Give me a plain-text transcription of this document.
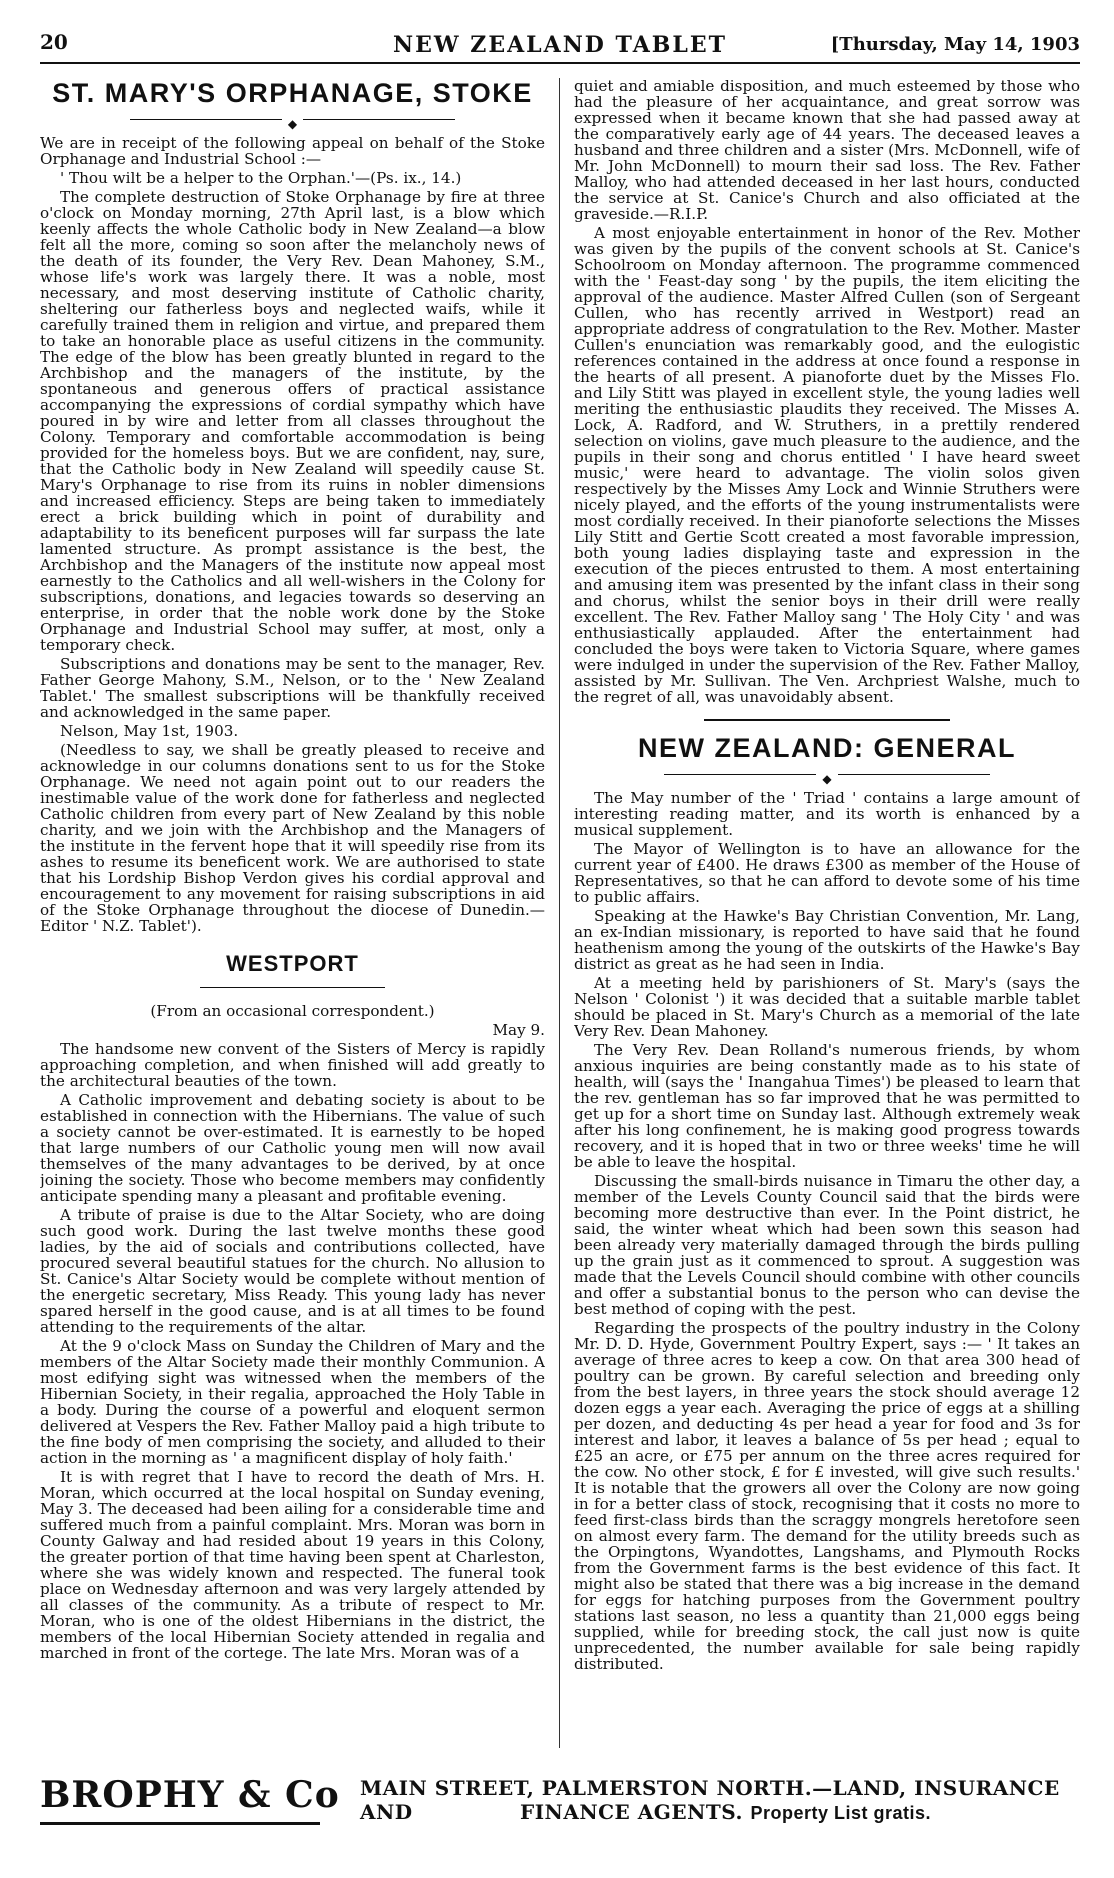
20	NEW ZEALAND TABLET	[Thursday, May 14, 1903
ST. MARY'S ORPHANAGE, STOKE
◆

We are in receipt of the following appeal on behalf of the Stoke Orphanage and Industrial School :—

' Thou wilt be a helper to the Orphan.'—(Ps. ix., 14.)

The complete destruction of Stoke Orphanage by fire at three o'clock on Monday morning, 27th April last, is a blow which keenly affects the whole Catholic body in New Zealand—a blow felt all the more, coming so soon after the melancholy news of the death of its founder, the Very Rev. Dean Mahoney, S.M., whose life's work was largely there. It was a noble, most necessary, and most deserving institute of Catholic charity, sheltering our fatherless boys and neglected waifs, while it carefully trained them in religion and virtue, and prepared them to take an honorable place as useful citizens in the community. The edge of the blow has been greatly blunted in regard to the Archbishop and the managers of the institute, by the spontaneous and generous offers of practical assistance accompanying the expressions of cordial sympathy which have poured in by wire and letter from all classes throughout the Colony. Temporary and comfortable accommodation is being provided for the homeless boys. But we are confident, nay, sure, that the Catholic body in New Zealand will speedily cause St. Mary's Orphanage to rise from its ruins in nobler dimensions and increased efficiency. Steps are being taken to immediately erect a brick building which in point of durability and adaptability to its beneficent purposes will far surpass the late lamented structure. As prompt assistance is the best, the Archbishop and the Managers of the institute now appeal most earnestly to the Catholics and all well-wishers in the Colony for subscriptions, donations, and legacies towards so deserving an enterprise, in order that the noble work done by the Stoke Orphanage and Industrial School may suffer, at most, only a temporary check.

Subscriptions and donations may be sent to the manager, Rev. Father George Mahony, S.M., Nelson, or to the ' New Zealand Tablet.' The smallest subscriptions will be thankfully received and acknowledged in the same paper.

Nelson, May 1st, 1903.

(Needless to say, we shall be greatly pleased to receive and acknowledge in our columns donations sent to us for the Stoke Orphanage. We need not again point out to our readers the inestimable value of the work done for fatherless and neglected Catholic children from every part of New Zealand by this noble charity, and we join with the Archbishop and the Managers of the institute in the fervent hope that it will speedily rise from its ashes to resume its beneficent work. We are authorised to state that his Lordship Bishop Verdon gives his cordial approval and encouragement to any movement for raising subscriptions in aid of the Stoke Orphanage throughout the diocese of Dunedin.—Editor ' N.Z. Tablet').

WESTPORT

(From an occasional correspondent.)

May 9.

The handsome new convent of the Sisters of Mercy is rapidly approaching completion, and when finished will add greatly to the architectural beauties of the town.

A Catholic improvement and debating society is about to be established in connection with the Hibernians. The value of such a society cannot be over-estimated. It is earnestly to be hoped that large numbers of our Catholic young men will now avail themselves of the many advantages to be derived, by at once joining the society. Those who become members may confidently anticipate spending many a pleasant and profitable evening.

A tribute of praise is due to the Altar Society, who are doing such good work. During the last twelve months these good ladies, by the aid of socials and contributions collected, have procured several beautiful statues for the church. No allusion to St. Canice's Altar Society would be complete without mention of the energetic secretary, Miss Ready. This young lady has never spared herself in the good cause, and is at all times to be found attending to the requirements of the altar.

At the 9 o'clock Mass on Sunday the Children of Mary and the members of the Altar Society made their monthly Communion. A most edifying sight was witnessed when the members of the Hibernian Society, in their regalia, approached the Holy Table in a body. During the course of a powerful and eloquent sermon delivered at Vespers the Rev. Father Malloy paid a high tribute to the fine body of men comprising the society, and alluded to their action in the morning as ' a magnificent display of holy faith.'

It is with regret that I have to record the death of Mrs. H. Moran, which occurred at the local hospital on Sunday evening, May 3. The deceased had been ailing for a considerable time and suffered much from a painful complaint. Mrs. Moran was born in County Galway and had resided about 19 years in this Colony, the greater portion of that time having been spent at Charleston, where she was widely known and respected. The funeral took place on Wednesday afternoon and was very largely attended by all classes of the community. As a tribute of respect to Mr. Moran, who is one of the oldest Hibernians in the district, the members of the local Hibernian Society attended in regalia and marched in front of the cortege. The late Mrs. Moran was of a

quiet and amiable disposition, and much esteemed by those who had the pleasure of her acquaintance, and great sorrow was expressed when it became known that she had passed away at the comparatively early age of 44 years. The deceased leaves a husband and three children and a sister (Mrs. McDonnell, wife of Mr. John McDonnell) to mourn their sad loss. The Rev. Father Malloy, who had attended deceased in her last hours, conducted the service at St. Canice's Church and also officiated at the graveside.—R.I.P.

A most enjoyable entertainment in honor of the Rev. Mother was given by the pupils of the convent schools at St. Canice's Schoolroom on Monday afternoon. The programme commenced with the ' Feast-day song ' by the pupils, the item eliciting the approval of the audience. Master Alfred Cullen (son of Sergeant Cullen, who has recently arrived in Westport) read an appropriate address of congratulation to the Rev. Mother. Master Cullen's enunciation was remarkably good, and the eulogistic references contained in the address at once found a response in the hearts of all present. A pianoforte duet by the Misses Flo. and Lily Stitt was played in excellent style, the young ladies well meriting the enthusiastic plaudits they received. The Misses A. Lock, A. Radford, and W. Struthers, in a prettily rendered selection on violins, gave much pleasure to the audience, and the pupils in their song and chorus entitled ' I have heard sweet music,' were heard to advantage. The violin solos given respectively by the Misses Amy Lock and Winnie Struthers were nicely played, and the efforts of the young instrumentalists were most cordially received. In their pianoforte selections the Misses Lily Stitt and Gertie Scott created a most favorable impression, both young ladies displaying taste and expression in the execution of the pieces entrusted to them. A most entertaining and amusing item was presented by the infant class in their song and chorus, whilst the senior boys in their drill were really excellent. The Rev. Father Malloy sang ' The Holy City ' and was enthusiastically applauded. After the entertainment had concluded the boys were taken to Victoria Square, where games were indulged in under the supervision of the Rev. Father Malloy, assisted by Mr. Sullivan. The Ven. Archpriest Walshe, much to the regret of all, was unavoidably absent.

NEW ZEALAND: GENERAL
◆

The May number of the ' Triad ' contains a large amount of interesting reading matter, and its worth is enhanced by a musical supplement.

The Mayor of Wellington is to have an allowance for the current year of £400. He draws £300 as member of the House of Representatives, so that he can afford to devote some of his time to public affairs.

Speaking at the Hawke's Bay Christian Convention, Mr. Lang, an ex-Indian missionary, is reported to have said that he found heathenism among the young of the outskirts of the Hawke's Bay district as great as he had seen in India.

At a meeting held by parishioners of St. Mary's (says the Nelson ' Colonist ') it was decided that a suitable marble tablet should be placed in St. Mary's Church as a memorial of the late Very Rev. Dean Mahoney.

The Very Rev. Dean Rolland's numerous friends, by whom anxious inquiries are being constantly made as to his state of health, will (says the ' Inangahua Times') be pleased to learn that the rev. gentleman has so far improved that he was permitted to get up for a short time on Sunday last. Although extremely weak after his long confinement, he is making good progress towards recovery, and it is hoped that in two or three weeks' time he will be able to leave the hospital.

Discussing the small-birds nuisance in Timaru the other day, a member of the Levels County Council said that the birds were becoming more destructive than ever. In the Point district, he said, the winter wheat which had been sown this season had been already very materially damaged through the birds pulling up the grain just as it commenced to sprout. A suggestion was made that the Levels Council should combine with other councils and offer a substantial bonus to the person who can devise the best method of coping with the pest.

Regarding the prospects of the poultry industry in the Colony Mr. D. D. Hyde, Government Poultry Expert, says :— ' It takes an average of three acres to keep a cow. On that area 300 head of poultry can be grown. By careful selection and breeding only from the best layers, in three years the stock should average 12 dozen eggs a year each. Averaging the price of eggs at a shilling per dozen, and deducting 4s per head a year for food and 3s for interest and labor, it leaves a balance of 5s per head ; equal to £25 an acre, or £75 per annum on the three acres required for the cow. No other stock, £ for £ invested, will give such results.' It is notable that the growers all over the Colony are now going in for a better class of stock, recognising that it costs no more to feed first-class birds than the scraggy mongrels heretofore seen on almost every farm. The demand for the utility breeds such as the Orpingtons, Wyandottes, Langshams, and Plymouth Rocks from the Government farms is the best evidence of this fact. It might also be stated that there was a big increase in the demand for eggs for hatching purposes from the Government poultry stations last season, no less a quantity than 21,000 eggs being supplied, while for breeding stock, the call just now is quite unprecedented, the number available for sale being rapidly distributed.

BROPHY & Co MAIN STREET, PALMERSTON NORTH.—LAND, INSURANCE AND	FINANCE AGENTS. Property List gratis.
